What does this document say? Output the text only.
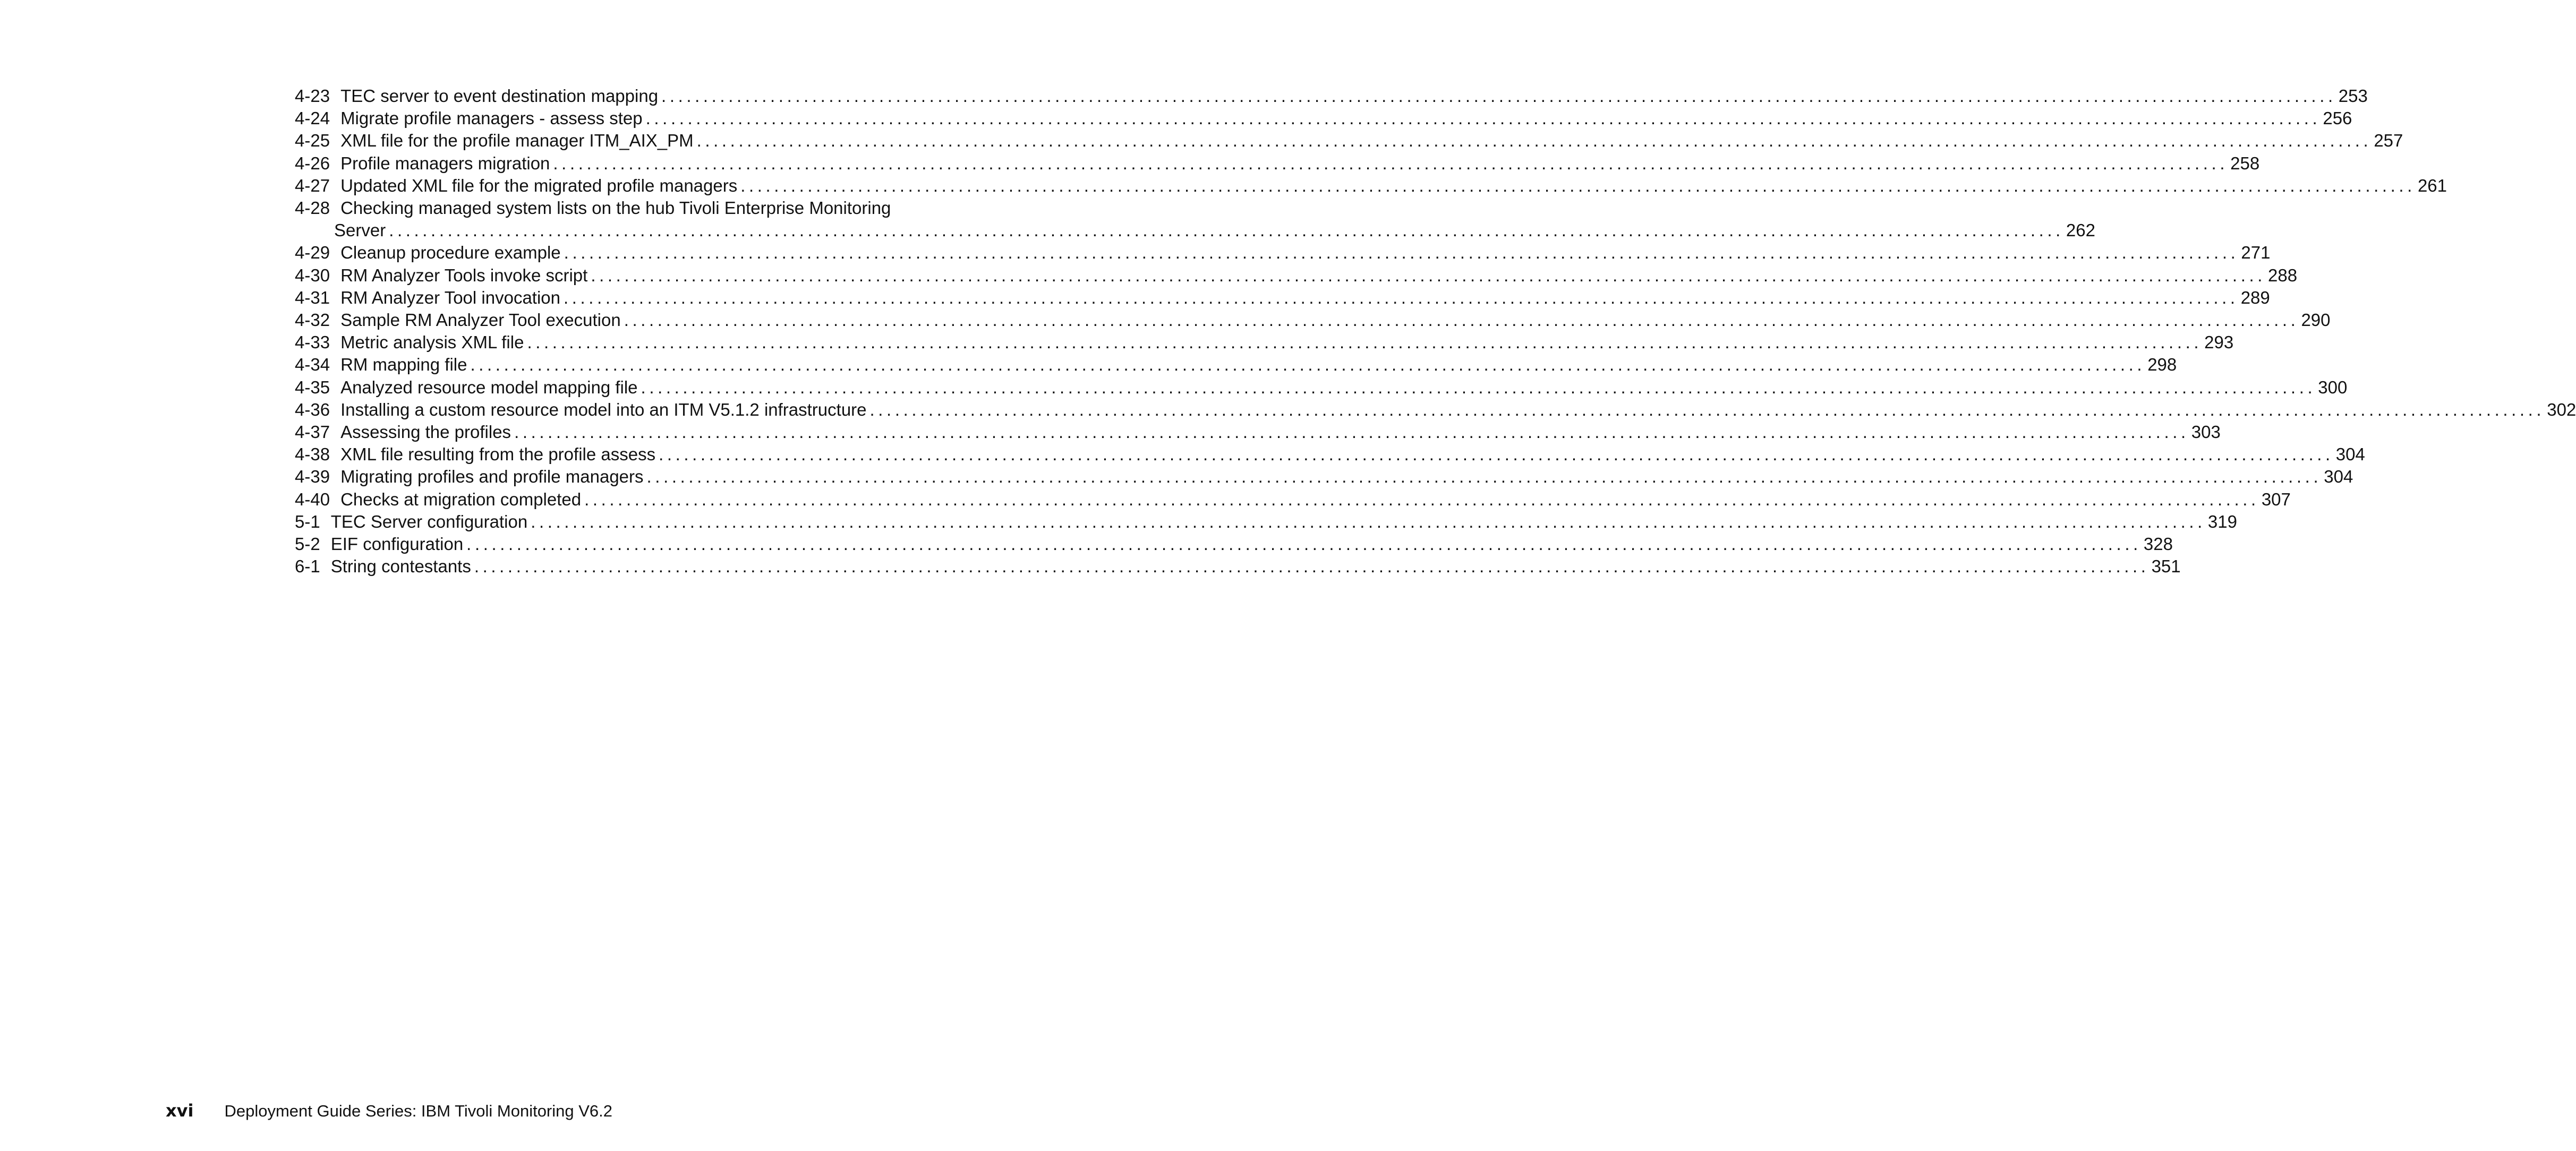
4-23 TEC server to event destination mapping ........................................................................................................................................................................................................ 253
4-24 Migrate profile managers - assess step ........................................................................................................................................................................................................ 256
4-25 XML file for the profile manager ITM_AIX_PM ........................................................................................................................................................................................................ 257
4-26 Profile managers migration ........................................................................................................................................................................................................ 258
4-27 Updated XML file for the migrated profile managers ........................................................................................................................................................................................................ 261
4-28 Checking managed system lists on the hub Tivoli Enterprise Monitoring
Server ........................................................................................................................................................................................................ 262
4-29 Cleanup procedure example ........................................................................................................................................................................................................ 271
4-30 RM Analyzer Tools invoke script ........................................................................................................................................................................................................ 288
4-31 RM Analyzer Tool invocation ........................................................................................................................................................................................................ 289
4-32 Sample RM Analyzer Tool execution ........................................................................................................................................................................................................ 290
4-33 Metric analysis XML file ........................................................................................................................................................................................................ 293
4-34 RM mapping file ........................................................................................................................................................................................................ 298
4-35 Analyzed resource model mapping file ........................................................................................................................................................................................................ 300
4-36 Installing a custom resource model into an ITM V5.1.2 infrastructure ........................................................................................................................................................................................................ 302
4-37 Assessing the profiles ........................................................................................................................................................................................................ 303
4-38 XML file resulting from the profile assess ........................................................................................................................................................................................................ 304
4-39 Migrating profiles and profile managers ........................................................................................................................................................................................................ 304
4-40 Checks at migration completed ........................................................................................................................................................................................................ 307
5-1 TEC Server configuration ........................................................................................................................................................................................................ 319
5-2 EIF configuration ........................................................................................................................................................................................................ 328
6-1 String contestants ........................................................................................................................................................................................................ 351
xvi Deployment Guide Series: IBM Tivoli Monitoring V6.2
